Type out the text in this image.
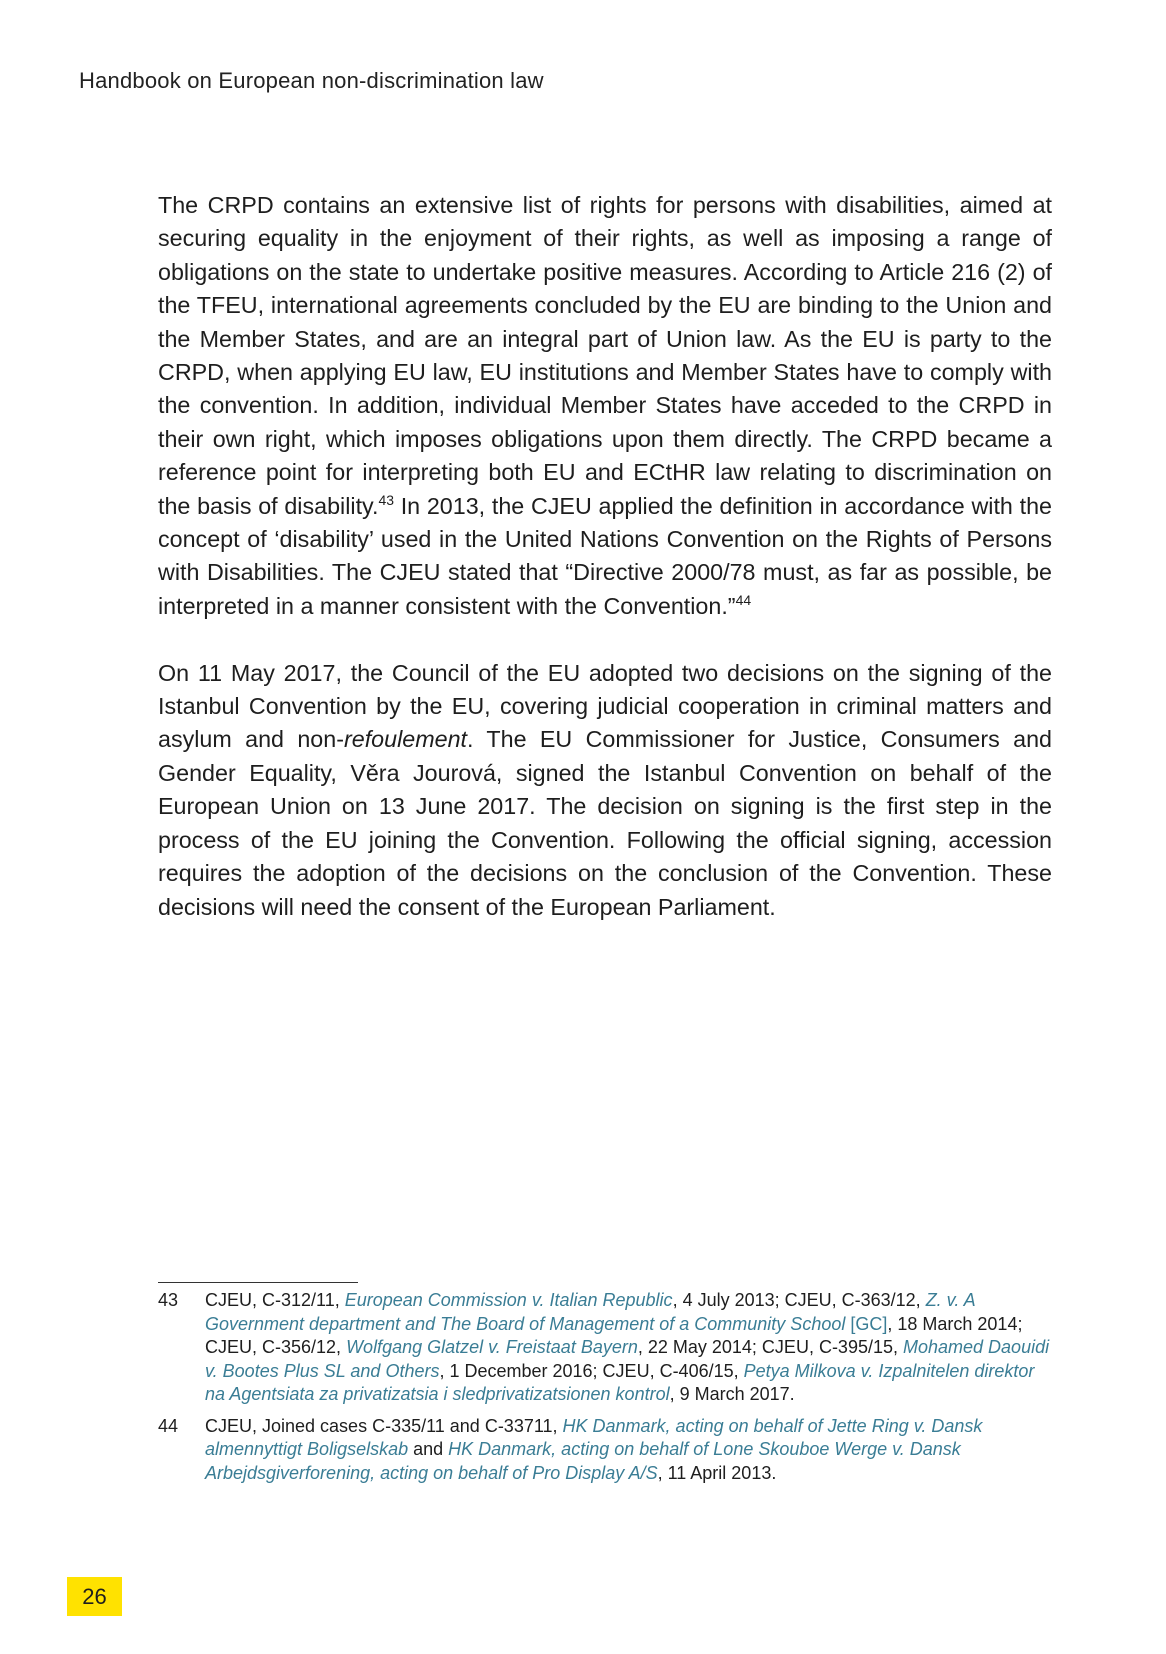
Handbook on European non-discrimination law

The CRPD contains an extensive list of rights for persons with disabilities, aimed at securing equality in the enjoyment of their rights, as well as imposing a range of obligations on the state to undertake positive measures. According to Article 216 (2) of the TFEU, international agreements concluded by the EU are binding to the Union and the Member States, and are an integral part of Union law. As the EU is party to the CRPD, when applying EU law, EU institutions and Member States have to comply with the convention. In addition, individual Member States have acceded to the CRPD in their own right, which imposes obligations upon them directly. The CRPD became a reference point for interpreting both EU and ECtHR law relating to discrimination on the basis of disability.$^{43}$ In 2013, the CJEU applied the definition in accordance with the concept of ‘disability’ used in the United Nations Convention on the Rights of Persons with Disabilities. The CJEU stated that “Directive 2000/78 must, as far as possible, be interpreted in a manner consistent with the Convention.”$^{44}$

On 11 May 2017, the Council of the EU adopted two decisions on the signing of the Istanbul Convention by the EU, covering judicial cooperation in criminal matters and asylum and non-refoulement. The EU Commissioner for Justice, Consumers and Gender Equality, Věra Jourová, signed the Istanbul Convention on behalf of the European Union on 13 June 2017. The decision on signing is the first step in the process of the EU joining the Convention. Following the official signing, accession requires the adoption of the decisions on the conclusion of the Convention. These decisions will need the consent of the European Parliament.

43 CJEU, C-312/11, European Commission v. Italian Republic, 4 July 2013; CJEU, C-363/12, Z. v. A Government department and The Board of Management of a Community School [GC], 18 March 2014; CJEU, C-356/12, Wolfgang Glatzel v. Freistaat Bayern, 22 May 2014; CJEU, C-395/15, Mohamed Daouidi v. Bootes Plus SL and Others, 1 December 2016; CJEU, C-406/15, Petya Milkova v. Izpalnitelen direktor na Agentsiata za privatizatsia i sledprivatizatsionen kontrol, 9 March 2017.
44 CJEU, Joined cases C-335/11 and C-33711, HK Danmark, acting on behalf of Jette Ring v. Dansk almennyttigt Boligselskab and HK Danmark, acting on behalf of Lone Skouboe Werge v. Dansk Arbejdsgiverforening, acting on behalf of Pro Display A/S, 11 April 2013.
26
